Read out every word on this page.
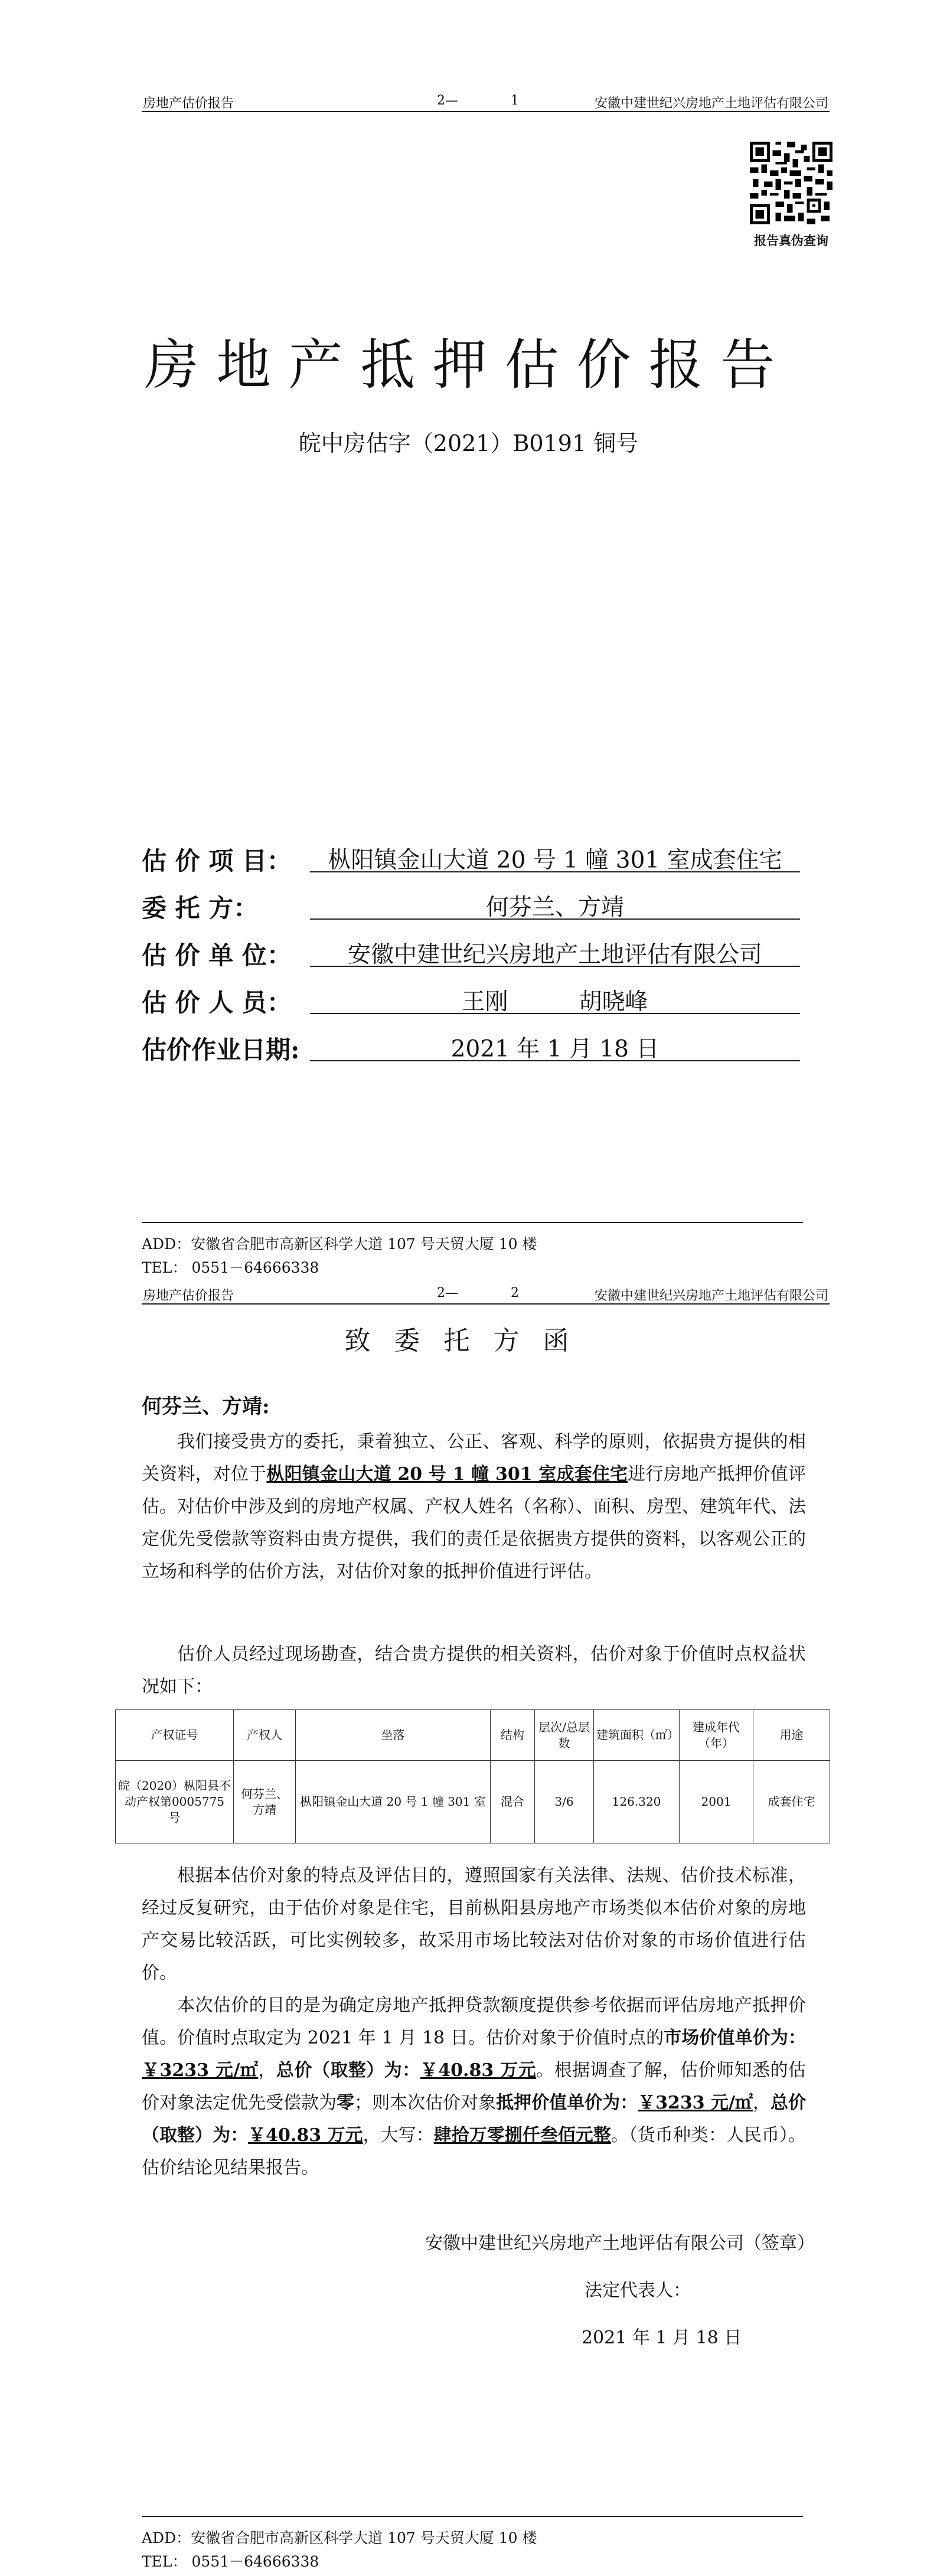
房地产估价报告	2—	1	安徽中建世纪兴房地产土地评估有限公司
报告真伪查询
房地产抵押估价报告
皖中房估字（2021）B0191 铜号
估 价 项 目：	枞阳镇金山大道 20 号 1 幢 301 室成套住宅
委 托 方：	何芬兰、方靖
估 价 单 位：	安徽中建世纪兴房地产土地评估有限公司
估 价 人 员：	王刚	胡晓峰
估价作业日期:	2021 年 1 月 18 日
ADD：安徽省合肥市高新区科学大道 107 号天贸大厦 10 楼
TEL： 0551－64666338
房地产估价报告	2—	2	安徽中建世纪兴房地产土地评估有限公司
致委托方函
何芬兰、方靖:
我们接受贵方的委托，秉着独立、公正、客观、科学的原则，依据贵方提供的相关资料，对位于枞阳镇金山大道 20 号 1 幢 301 室成套住宅进行房地产抵押价值评估。对估价中涉及到的房地产权属、产权人姓名（名称）、面积、房型、建筑年代、法定优先受偿款等资料由贵方提供，我们的责任是依据贵方提供的资料，以客观公正的立场和科学的估价方法，对估价对象的抵押价值进行评估。
估价人员经过现场勘查，结合贵方提供的相关资料，估价对象于价值时点权益状况如下：
产权证号	产权人	坐落	结构	层次/总层数	建筑面积（㎡）	建成年代（年）	用途
皖（2020）枞阳县不动产权第0005775 号	何芬兰、方靖	枞阳镇金山大道 20 号 1 幢 301 室	混合	3/6	126.320	2001	成套住宅
根据本估价对象的特点及评估目的，遵照国家有关法律、法规、估价技术标准，经过反复研究，由于估价对象是住宅，目前枞阳县房地产市场类似本估价对象的房地产交易比较活跃，可比实例较多，故采用市场比较法对估价对象的市场价值进行估价。
本次估价的目的是为确定房地产抵押贷款额度提供参考依据而评估房地产抵押价值。价值时点取定为 2021 年 1 月 18 日。估价对象于价值时点的市场价值单价为：￥3233 元/㎡，总价（取整）为：￥40.83 万元。根据调查了解，估价师知悉的估价对象法定优先受偿款为零；则本次估价对象抵押价值单价为：￥3233 元/㎡，总价（取整）为：￥40.83 万元，大写：肆拾万零捌仟叁佰元整。（货币种类：人民币）。估价结论见结果报告。
安徽中建世纪兴房地产土地评估有限公司（签章）
法定代表人：
2021 年 1 月 18 日
ADD：安徽省合肥市高新区科学大道 107 号天贸大厦 10 楼
TEL： 0551－64666338
